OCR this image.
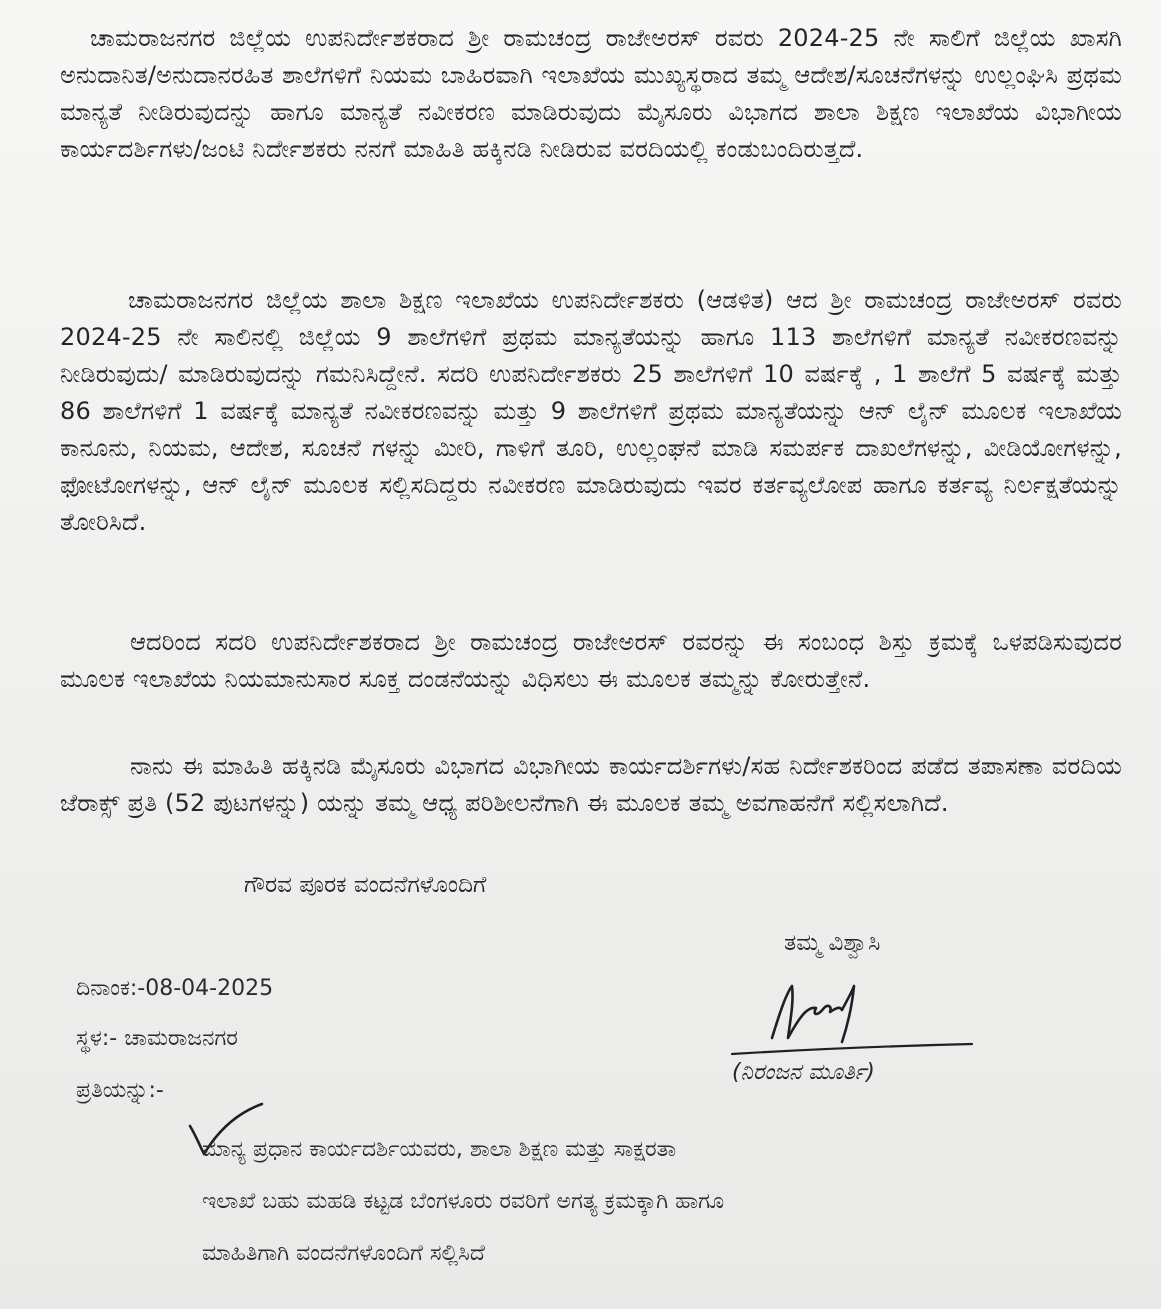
ಚಾಮರಾಜನಗರ ಜಿಲ್ಲೆಯ ಉಪನಿರ್ದೇಶಕರಾದ ಶ್ರೀ ರಾಮಚಂದ್ರ ರಾಜೇಅರಸ್ ರವರು 2024-25 ನೇ ಸಾಲಿಗೆ ಜಿಲ್ಲೆಯ ಖಾಸಗಿ ಅನುದಾನಿತ/ಅನುದಾನರಹಿತ ಶಾಲೆಗಳಿಗೆ ನಿಯಮ ಬಾಹಿರವಾಗಿ ಇಲಾಖೆಯ ಮುಖ್ಯಸ್ಥರಾದ ತಮ್ಮ ಆದೇಶ/ಸೂಚನೆಗಳನ್ನು ಉಲ್ಲಂಘಿಸಿ ಪ್ರಥಮ ಮಾನ್ಯತೆ ನೀಡಿರುವುದನ್ನು ಹಾಗೂ ಮಾನ್ಯತೆ ನವೀಕರಣ ಮಾಡಿರುವುದು ಮೈಸೂರು ವಿಭಾಗದ ಶಾಲಾ ಶಿಕ್ಷಣ ಇಲಾಖೆಯ ವಿಭಾಗೀಯ ಕಾರ್ಯದರ್ಶಿಗಳು/ಜಂಟಿ ನಿರ್ದೇಶಕರು ನನಗೆ ಮಾಹಿತಿ ಹಕ್ಕಿನಡಿ ನೀಡಿರುವ ವರದಿಯಲ್ಲಿ ಕಂಡುಬಂದಿರುತ್ತದೆ.

ಚಾಮರಾಜನಗರ ಜಿಲ್ಲೆಯ ಶಾಲಾ ಶಿಕ್ಷಣ ಇಲಾಖೆಯ ಉಪನಿರ್ದೇಶಕರು (ಆಡಳಿತ) ಆದ ಶ್ರೀ ರಾಮಚಂದ್ರ ರಾಜೇಅರಸ್ ರವರು 2024-25 ನೇ ಸಾಲಿನಲ್ಲಿ ಜಿಲ್ಲೆಯ 9 ಶಾಲೆಗಳಿಗೆ ಪ್ರಥಮ ಮಾನ್ಯತೆಯನ್ನು ಹಾಗೂ 113 ಶಾಲೆಗಳಿಗೆ ಮಾನ್ಯತೆ ನವೀಕರಣವನ್ನು ನೀಡಿರುವುದು/ ಮಾಡಿರುವುದನ್ನು ಗಮನಿಸಿದ್ದೇನೆ. ಸದರಿ ಉಪನಿರ್ದೇಶಕರು 25 ಶಾಲೆಗಳಿಗೆ 10 ವರ್ಷಕ್ಕೆ , 1 ಶಾಲೆಗೆ 5 ವರ್ಷಕ್ಕೆ ಮತ್ತು 86 ಶಾಲೆಗಳಿಗೆ 1 ವರ್ಷಕ್ಕೆ ಮಾನ್ಯತೆ ನವೀಕರಣವನ್ನು ಮತ್ತು 9 ಶಾಲೆಗಳಿಗೆ ಪ್ರಥಮ ಮಾನ್ಯತೆಯನ್ನು ಆನ್ ಲೈನ್ ಮೂಲಕ ಇಲಾಖೆಯ ಕಾನೂನು, ನಿಯಮ, ಆದೇಶ, ಸೂಚನೆ ಗಳನ್ನು ಮೀರಿ, ಗಾಳಿಗೆ ತೂರಿ, ಉಲ್ಲಂಘನೆ ಮಾಡಿ ಸಮರ್ಪಕ ದಾಖಲೆಗಳನ್ನು, ವೀಡಿಯೋಗಳನ್ನು, ಫೋಟೋಗಳನ್ನು, ಆನ್ ಲೈನ್ ಮೂಲಕ ಸಲ್ಲಿಸದಿದ್ದರು ನವೀಕರಣ ಮಾಡಿರುವುದು ಇವರ ಕರ್ತವ್ಯಲೋಪ ಹಾಗೂ ಕರ್ತವ್ಯ ನಿರ್ಲಕ್ಷತೆಯನ್ನು ತೋರಿಸಿದೆ.

ಆದರಿಂದ ಸದರಿ ಉಪನಿರ್ದೇಶಕರಾದ ಶ್ರೀ ರಾಮಚಂದ್ರ ರಾಜೇಅರಸ್ ರವರನ್ನು ಈ ಸಂಬಂಧ ಶಿಸ್ತು ಕ್ರಮಕ್ಕೆ ಒಳಪಡಿಸುವುದರ ಮೂಲಕ ಇಲಾಖೆಯ ನಿಯಮಾನುಸಾರ ಸೂಕ್ತ ದಂಡನೆಯನ್ನು ವಿಧಿಸಲು ಈ ಮೂಲಕ ತಮ್ಮನ್ನು ಕೋರುತ್ತೇನೆ.

ನಾನು ಈ ಮಾಹಿತಿ ಹಕ್ಕಿನಡಿ ಮೈಸೂರು ವಿಭಾಗದ ವಿಭಾಗೀಯ ಕಾರ್ಯದರ್ಶಿಗಳು/ಸಹ ನಿರ್ದೇಶಕರಿಂದ ಪಡೆದ ತಪಾಸಣಾ ವರದಿಯ ಜೆರಾಕ್ಸ್ ಪ್ರತಿ (52 ಪುಟಗಳನ್ನು) ಯನ್ನು ತಮ್ಮ ಆಧ್ಯ ಪರಿಶೀಲನೆಗಾಗಿ ಈ ಮೂಲಕ ತಮ್ಮ ಅವಗಾಹನೆಗೆ ಸಲ್ಲಿಸಲಾಗಿದೆ.

ಗೌರವ ಪೂರಕ ವಂದನೆಗಳೊಂದಿಗೆ

ತಮ್ಮ ವಿಶ್ವಾಸಿ

(ನಿರಂಜನ ಮೂರ್ತಿ)

ದಿನಾಂಕ:-08-04-2025

ಸ್ಥಳ:- ಚಾಮರಾಜನಗರ

ಪ್ರತಿಯನ್ನು:-

ಮಾನ್ಯ ಪ್ರಧಾನ ಕಾರ್ಯದರ್ಶಿಯವರು, ಶಾಲಾ ಶಿಕ್ಷಣ ಮತ್ತು ಸಾಕ್ಷರತಾ
ಇಲಾಖೆ ಬಹು ಮಹಡಿ ಕಟ್ಟಡ ಬೆಂಗಳೂರು ರವರಿಗೆ ಅಗತ್ಯ ಕ್ರಮಕ್ಕಾಗಿ ಹಾಗೂ
ಮಾಹಿತಿಗಾಗಿ ವಂದನೆಗಳೊಂದಿಗೆ ಸಲ್ಲಿಸಿದೆ
